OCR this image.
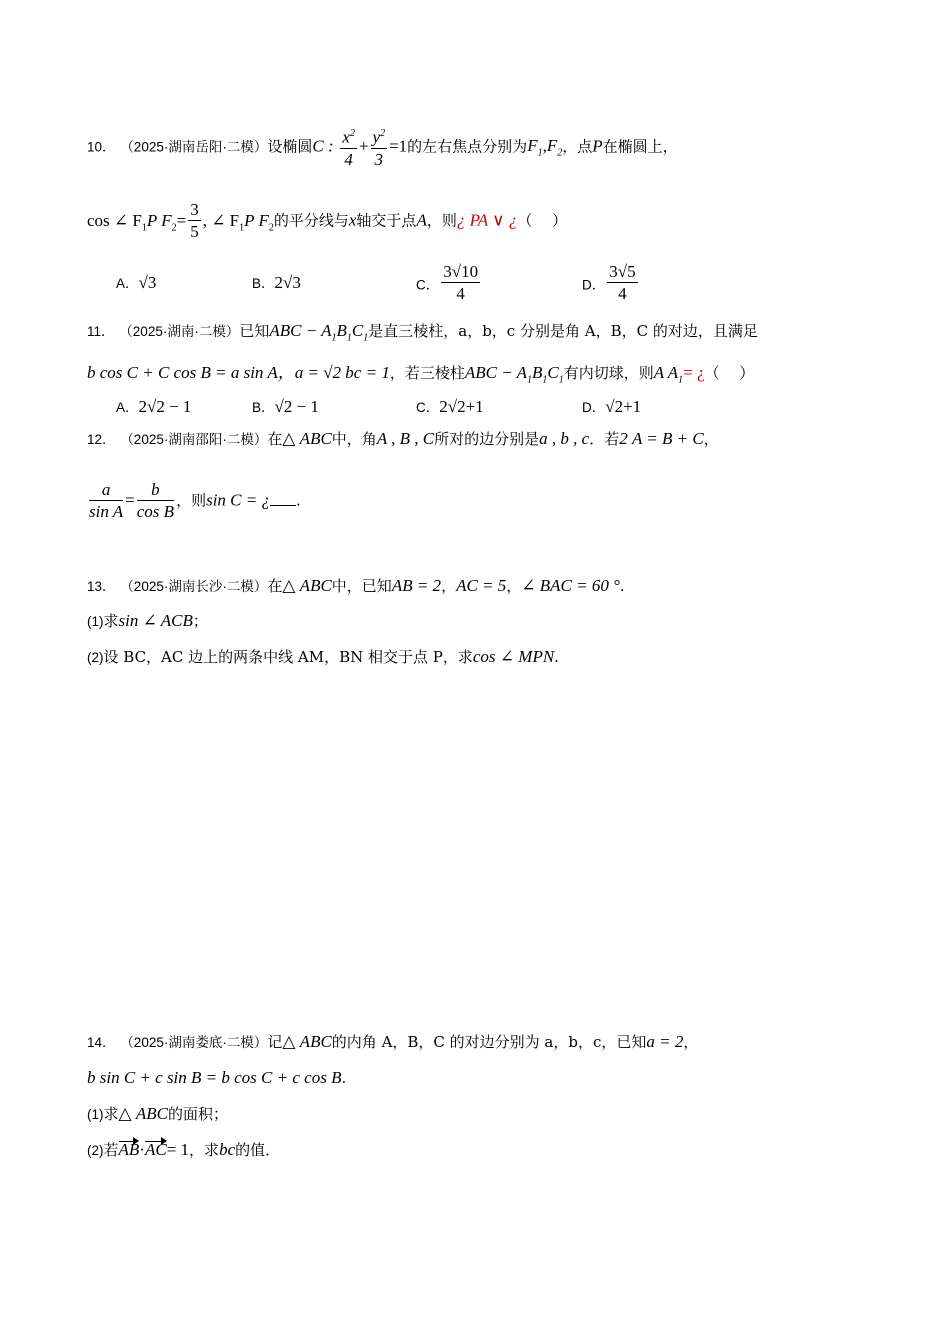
10． （2025·湖南岳阳·二模）设椭圆C : $\frac{x^2}{4} + \frac{y^2}{3} =1$的左右焦点分别为$F_1,F_2$，点P在椭圆上，
cos ∠ $F_1P$ $F_2= \frac{3}{5}$ , ∠ $F_1P$ $F_2$的平分线与x轴交于点A，则¿ PA ∨ ¿（　 ）
A．√3	B．2√3	C． $\frac{3√10}{4}$	D． $\frac{3√5}{4}$
11． （2025·湖南·二模）已知ABC − $A_1B_1C_1$是直三棱柱，a，b，c 分别是角 A，B，C 的对边，且满足
b cos C + C cos B = a sin A，a = √2 bc = 1，若三棱柱ABC − $A_1B_1C_1$有内切球，则A $A_1=$ ¿（　 ）
A．2√2 − 1	B．√2 − 1	C．2√2+1	D．√2+1
12． （2025·湖南邵阳·二模）在△ ABC中，角A , B , C所对的边分别是a , b , c．若2 A = B + C，
$\frac{a}{\text{sin A}} = \frac{b}{\text{cos B}}$ ，则sin C = ¿ .
13． （2025·湖南长沙·二模）在△ ABC中，已知AB = 2，AC = 5，∠ BAC = 60 °.
(1)求sin ∠ ACB；
(2)设 BC，AC 边上的两条中线 AM，BN 相交于点 P，求cos ∠ MPN.
14． （2025·湖南娄底·二模）记△ ABC的内角 A，B，C 的对边分别为 a，b，c，已知a = 2，
b sin C + c sin B = b cos C + c cos B.
(1)求△ ABC的面积；
(2)若AB·AC= 1，求bc的值．
